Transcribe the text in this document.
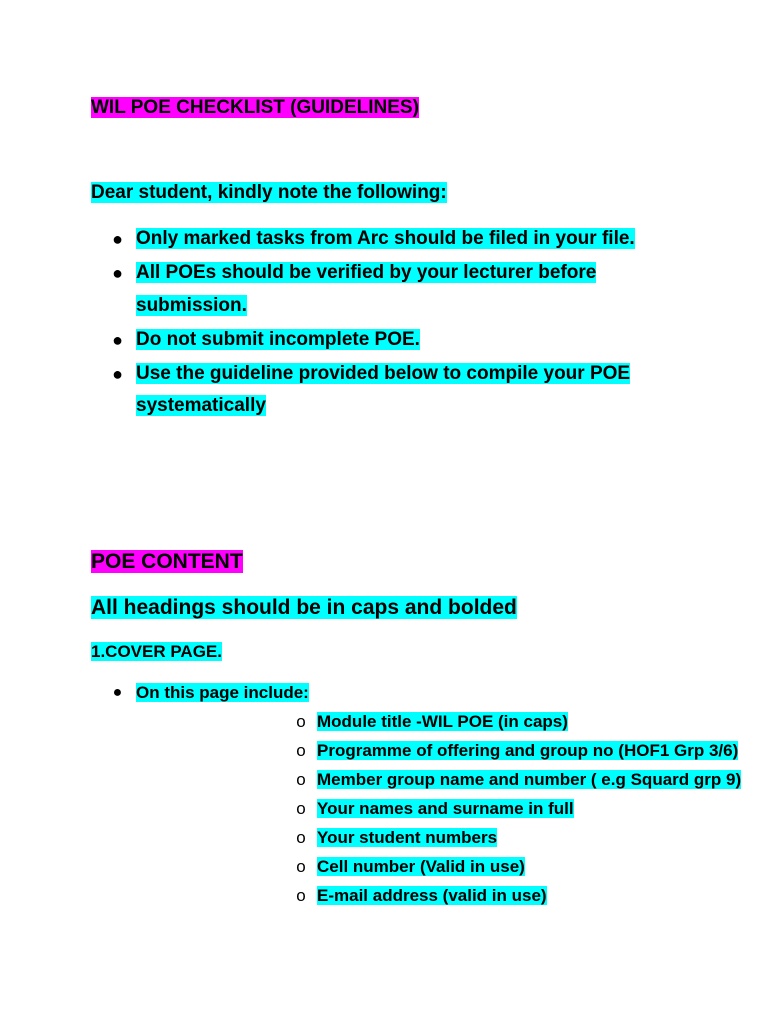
WIL POE CHECKLIST (GUIDELINES)
Dear student, kindly note the following:
● Only marked tasks from Arc should be filed in your file.
● All POEs should be verified by your lecturer before submission.
● Do not submit incomplete POE.
● Use the guideline provided below to compile your POE systematically
POE CONTENT
All headings should be in caps and bolded
1.COVER PAGE.
● On this page include:
o Module title -WIL POE (in caps)
o Programme of offering and group no (HOF1 Grp 3/6)
o Member group name and number ( e.g Squard grp 9)
o Your names and surname in full
o Your student numbers
o Cell number (Valid in use)
o E-mail address (valid in use)
